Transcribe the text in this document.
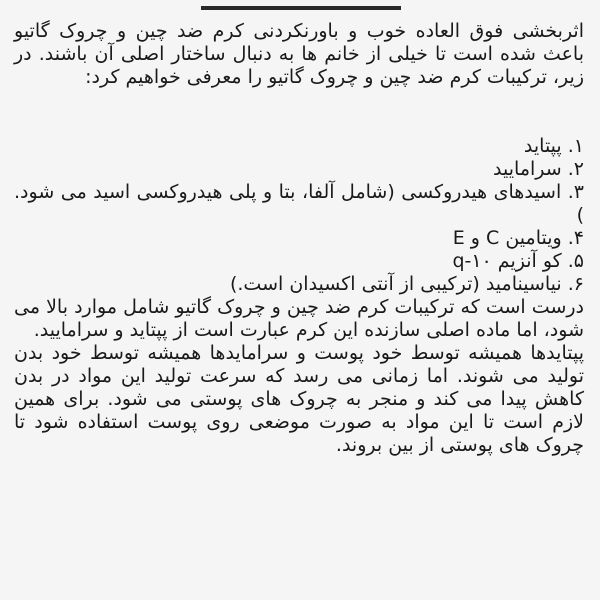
اثربخشی فوق العاده خوب و باورنکردنی کرم ضد چین و چروک گاتیو باعث شده است تا خیلی از خانم ها به دنبال ساختار اصلی آن باشند. در زیر، ترکیبات کرم ضد چین و چروک گاتیو را معرفی خواهیم کرد:

۱. پپتاید
۲. سرامایید
۳. اسیدهای هیدروکسی (شامل آلفا، بتا و پلی هیدروکسی اسید می شود. )
۴. ویتامین C و E
۵. کو آنزیم q-۱۰
۶. نیاسینامید (ترکیبی از آنتی اکسیدان است.)

درست است که ترکیبات کرم ضد چین و چروک گاتیو شامل موارد بالا می شود، اما ماده اصلی سازنده این کرم عبارت است از پپتاید و سرامایید.

پپتایدها همیشه توسط خود پوست و سرامایدها همیشه توسط خود بدن تولید می شوند. اما زمانی می رسد که سرعت تولید این مواد در بدن کاهش پیدا می کند و منجر به چروک های پوستی می شود. برای همین لازم است تا این مواد به صورت موضعی روی پوست استفاده شود تا چروک های پوستی از بین بروند.
